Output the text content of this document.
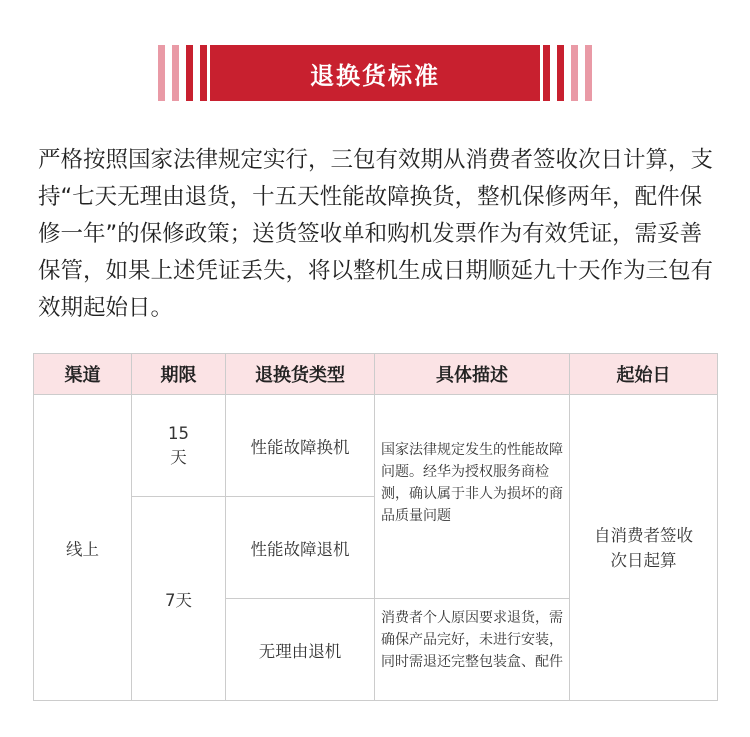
退换货标准

严格按照国家法律规定实行，三包有效期从消费者签收次日计算，支持“七天无理由退货，十五天性能故障换货，整机保修两年，配件保修一年”的保修政策；送货签收单和购机发票作为有效凭证，需妥善保管，如果上述凭证丢失，将以整机生成日期顺延九十天作为三包有效期起始日。

渠道	期限	退换货类型	具体描述	起始日
线上	15天	性能故障换机	国家法律规定发生的性能故障问题。经华为授权服务商检测，确认属于非人为损坏的商品质量问题	自消费者签收
次日起算

	7天	性能故障退机		
		无理由退机	消费者个人原因要求退货，需确保产品完好，未进行安装，同时需退还完整包装盒、配件	
